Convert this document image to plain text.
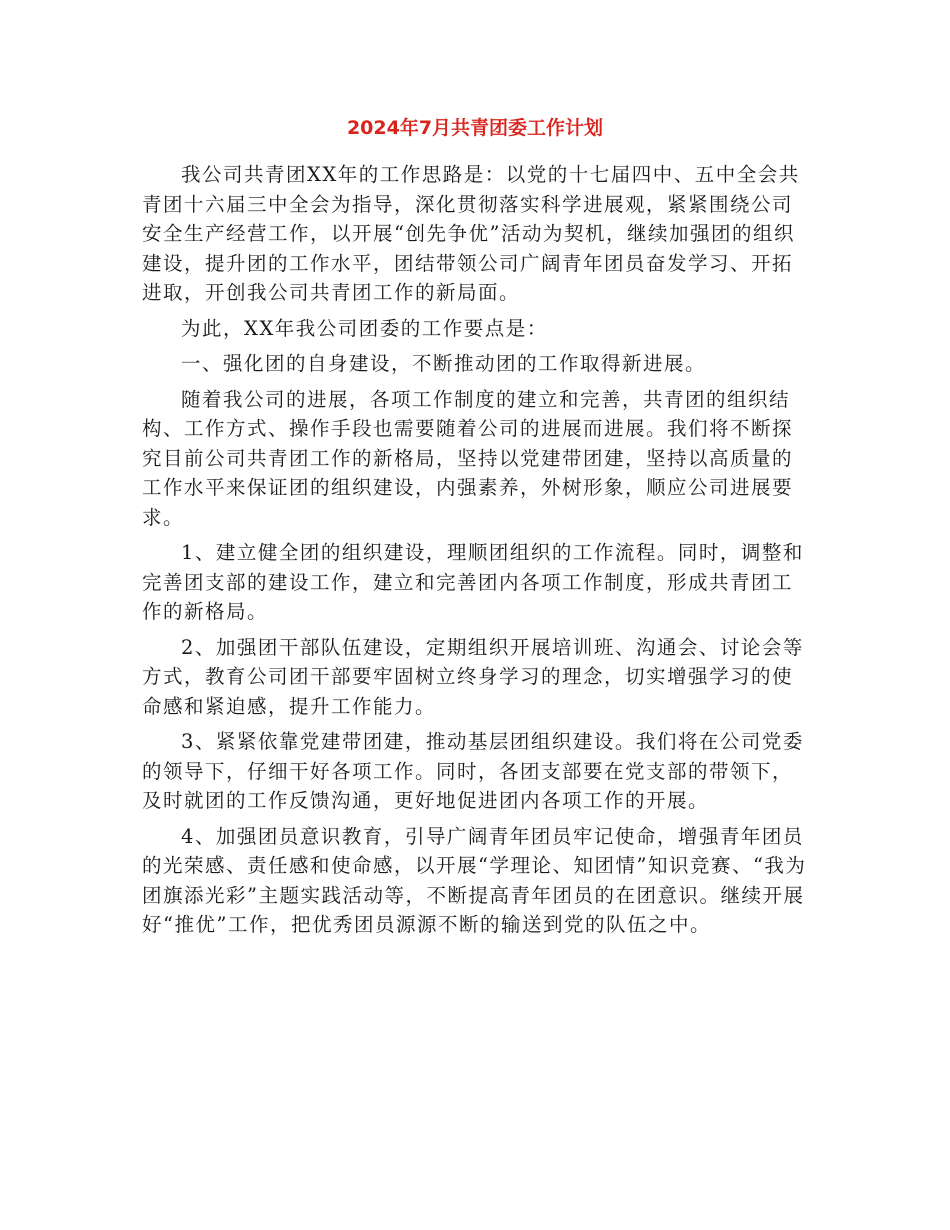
2024年7月共青团委工作计划

我公司共青团XX年的工作思路是：以党的十七届四中、五中全会共青团十六届三中全会为指导，深化贯彻落实科学进展观，紧紧围绕公司安全生产经营工作，以开展“创先争优”活动为契机，继续加强团的组织建设，提升团的工作水平，团结带领公司广阔青年团员奋发学习、开拓进取，开创我公司共青团工作的新局面。

为此，XX年我公司团委的工作要点是：

一、强化团的自身建设，不断推动团的工作取得新进展。

随着我公司的进展，各项工作制度的建立和完善，共青团的组织结构、工作方式、操作手段也需要随着公司的进展而进展。我们将不断探究目前公司共青团工作的新格局，坚持以党建带团建，坚持以高质量的工作水平来保证团的组织建设，内强素养，外树形象，顺应公司进展要求。

1、建立健全团的组织建设，理顺团组织的工作流程。同时，调整和完善团支部的建设工作，建立和完善团内各项工作制度，形成共青团工作的新格局。

2、加强团干部队伍建设，定期组织开展培训班、沟通会、讨论会等方式，教育公司团干部要牢固树立终身学习的理念，切实增强学习的使命感和紧迫感，提升工作能力。

3、紧紧依靠党建带团建，推动基层团组织建设。我们将在公司党委的领导下，仔细干好各项工作。同时，各团支部要在党支部的带领下，及时就团的工作反馈沟通，更好地促进团内各项工作的开展。

4、加强团员意识教育，引导广阔青年团员牢记使命，增强青年团员的光荣感、责任感和使命感，以开展“学理论、知团情”知识竞赛、“我为团旗添光彩”主题实践活动等，不断提高青年团员的在团意识。继续开展好“推优”工作，把优秀团员源源不断的输送到党的队伍之中。
